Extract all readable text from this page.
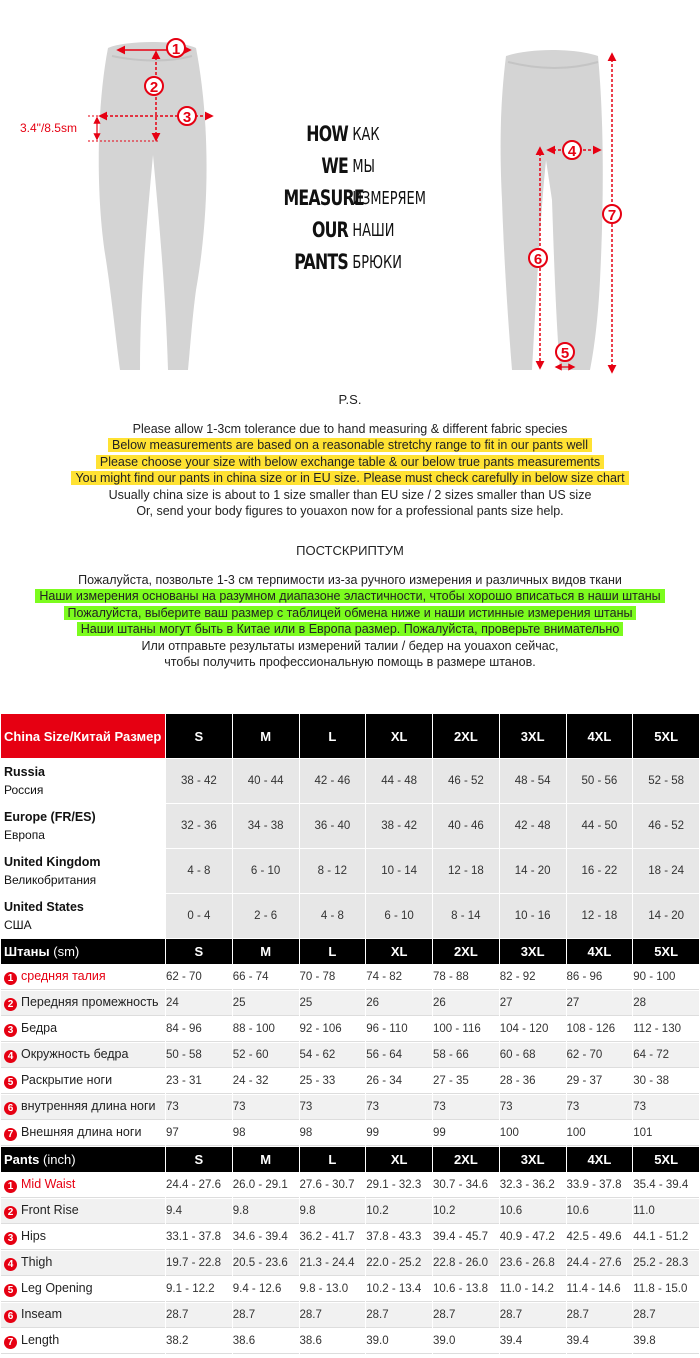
1
2
3
4
5
6
7
3.4"/8.5sm	HOW КАК
WE МЫ
MEASURE
ИЗМЕРЯЕМ
OUR НАШИ
PANTS БРЮКИ
P.S.
Please allow 1-3cm tolerance due to hand measuring & different fabric species
Below measurements are based on a reasonable stretchy range to fit in our pants well
Please choose your size with below exchange table & our below true pants measurements
You might find our pants in china size or in EU size. Please must check carefully in below size chart
Usually china size is about to 1 size smaller than EU size / 2 sizes smaller than US size
Or, send your body figures to youaxon now for a professional pants size help.
ПОСТСКРИПТУМ
Пожалуйста, позвольте 1-3 см терпимости из-за ручного измерения и различных видов ткани
Наши измерения основаны на разумном диапазоне эластичности, чтобы хорошо вписаться в наши штаны
Пожалуйста, выберите ваш размер с таблицей обмена ниже и наши истинные измерения штаны
Наши штаны могут быть в Китае или в Европа размер. Пожалуйста, проверьте внимательно
Или отправьте результаты измерений талии / бедер на youaxon сейчас,
чтобы получить профессиональную помощь в размере штанов.
China Size/Китай Размер	S	M	L	XL	2XL	3XL	4XL	5XL

Russia
Россия	38 - 42	40 - 44	42 - 46	44 - 48	46 - 52	48 - 54	50 - 56	52 - 58

Europe (FR/ES)
Европа	32 - 36	34 - 38	36 - 40	38 - 42	40 - 46	42 - 48	44 - 50	46 - 52

United Kingdom
Великобритания	4 - 8	6 - 10	8 - 12	10 - 14	12 - 18	14 - 20	16 - 22	18 - 24

United States
США	0 - 4	2 - 6	4 - 8	6 - 10	8 - 14	10 - 16	12 - 18	14 - 20
Штаны (sm)	S	M	L	XL	2XL	3XL	4XL	5XL
1 средняя талия	62 - 70	66 - 74	70 - 78	74 - 82	78 - 88	82 - 92	86 - 96	90 - 100
2 Передняя промежность	24	25	25	26	26	27	27	28
3 Бедра	84 - 96	88 - 100	92 - 106	96 - 110	100 - 116	104 - 120	108 - 126	112 - 130
4 Окружность бедра	50 - 58	52 - 60	54 - 62	56 - 64	58 - 66	60 - 68	62 - 70	64 - 72
5 Раскрытие ноги	23 - 31	24 - 32	25 - 33	26 - 34	27 - 35	28 - 36	29 - 37	30 - 38
6 внутренняя длина ноги	73	73	73	73	73	73	73	73
7 Внешняя длина ноги	97	98	98	99	99	100	100	101
Pants (inch)	S	M	L	XL	2XL	3XL	4XL	5XL
1 Mid Waist	24.4 - 27.6	26.0 - 29.1	27.6 - 30.7	29.1 - 32.3	30.7 - 34.6	32.3 - 36.2	33.9 - 37.8	35.4 - 39.4
2 Front Rise	9.4	9.8	9.8	10.2	10.2	10.6	10.6	11.0
3 Hips	33.1 - 37.8	34.6 - 39.4	36.2 - 41.7	37.8 - 43.3	39.4 - 45.7	40.9 - 47.2	42.5 - 49.6	44.1 - 51.2
4 Thigh	19.7 - 22.8	20.5 - 23.6	21.3 - 24.4	22.0 - 25.2	22.8 - 26.0	23.6 - 26.8	24.4 - 27.6	25.2 - 28.3
5 Leg Opening	9.1 - 12.2	9.4 - 12.6	9.8 - 13.0	10.2 - 13.4	10.6 - 13.8	11.0 - 14.2	11.4 - 14.6	11.8 - 15.0
6 Inseam	28.7	28.7	28.7	28.7	28.7	28.7	28.7	28.7
7 Length	38.2	38.6	38.6	39.0	39.0	39.4	39.4	39.8
